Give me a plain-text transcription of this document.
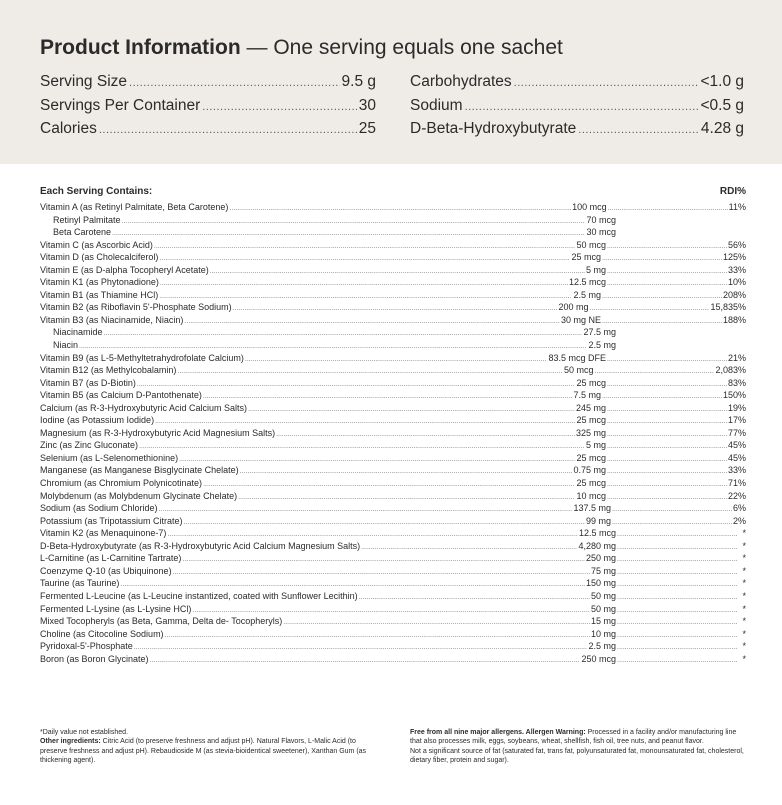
Product Information — One serving equals one sachet
Serving Size .....	9.5 g
Servings Per Container .....	30
Calories .....	25
Carbohydrates .....	<1.0 g
Sodium .....	<0.5 g
D-Beta-Hydroxybutyrate .....	4.28 g
Each Serving Contains:	RDI%
Vitamin A (as Retinyl Palmitate, Beta Carotene) .....	100 mcg .....	11%
Retinyl Palmitate .....	70 mcg
Beta Carotene .....	30 mcg
Vitamin C (as Ascorbic Acid) .....	50 mcg .....	56%
Vitamin D (as Cholecalciferol) .....	25 mcg .....	125%
Vitamin E (as D-alpha Tocopheryl Acetate) .....	5 mg .....	33%
Vitamin K1 (as Phytonadione) .....	12.5 mcg .....	10%
Vitamin B1 (as Thiamine HCl) .....	2.5 mg .....	208%
Vitamin B2 (as Riboflavin 5'-Phosphate Sodium) .....	200 mg .....	15,835%
Vitamin B3 (as Niacinamide, Niacin) .....	30 mg NE .....	188%
Niacinamide .....	27.5 mg
Niacin .....	2.5 mg
Vitamin B9 (as L-5-Methyltetrahydrofolate Calcium) .....	83.5 mcg DFE .....	21%
Vitamin B12 (as Methylcobalamin) .....	50 mcg .....	2,083%
Vitamin B7 (as D-Biotin) .....	25 mcg .....	83%
Vitamin B5 (as Calcium D-Pantothenate) .....	7.5 mg .....	150%
Calcium (as R-3-Hydroxybutyric Acid Calcium Salts) .....	245 mg .....	19%
Iodine (as Potassium Iodide) .....	25 mcg .....	17%
Magnesium (as R-3-Hydroxybutyric Acid Magnesium Salts) .....	325 mg .....	77%
Zinc (as Zinc Gluconate) .....	5 mg .....	45%
Selenium (as L-Selenomethionine) .....	25 mcg .....	45%
Manganese (as Manganese Bisglycinate Chelate) .....	0.75 mg .....	33%
Chromium (as Chromium Polynicotinate) .....	25 mcg .....	71%
Molybdenum (as Molybdenum Glycinate Chelate) .....	10 mcg .....	22%
Sodium (as Sodium Chloride) .....	137.5 mg .....	6%
Potassium (as Tripotassium Citrate) .....	99 mg .....	2%
Vitamin K2 (as Menaquinone-7) .....	12.5 mcg .....	*
D-Beta-Hydroxybutyrate (as R-3-Hydroxybutyric Acid Calcium Magnesium Salts) .....	4,280 mg .....	*
L-Carnitine (as L-Carnitine Tartrate) .....	250 mg .....	*
Coenzyme Q-10 (as Ubiquinone) .....	75 mg .....	*
Taurine (as Taurine) .....	150 mg .....	*
Fermented L-Leucine (as L-Leucine instantized, coated with Sunflower Lecithin) .....	50 mg .....	*
Fermented L-Lysine (as L-Lysine HCl) .....	50 mg .....	*
Mixed Tocopheryls (as Beta, Gamma, Delta de- Tocopheryls) .....	15 mg .....	*
Choline (as Citocoline Sodium) .....	10 mg .....	*
Pyridoxal-5'-Phosphate .....	2.5 mg .....	*
Boron (as Boron Glycinate) .....	250 mcg .....	*
*Daily value not established.
Other ingredients: Citric Acid (to preserve freshness and adjust pH). Natural Flavors, L-Malic Acid (to preserve freshness and adjust pH). Rebaudioside M (as stevia-bioidentical sweetener), Xanthan Gum (as thickening agent).
Free from all nine major allergens. Allergen Warning: Processed in a facility and/or manufacturing line that also processes milk, eggs, soybeans, wheat, shellfish, fish oil, tree nuts, and peanut flavor.
Not a significant source of fat (saturated fat, trans fat, polyunsaturated fat, monounsaturated fat, cholesterol, dietary fiber, protein and sugar).
